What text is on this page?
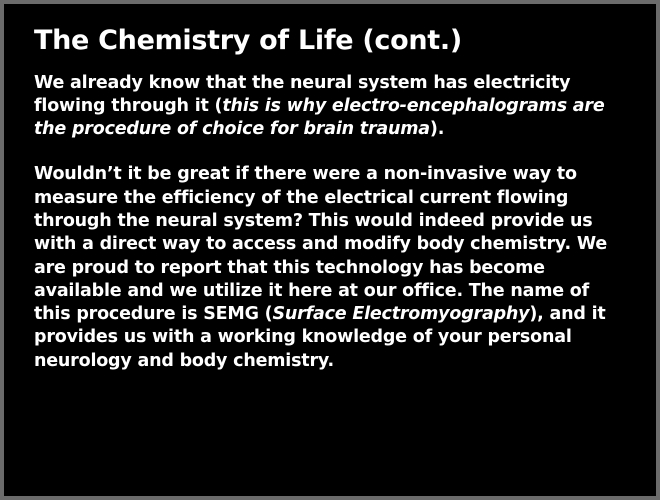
The Chemistry of Life (cont.)

We already know that the neural system has electricity flowing through it (this is why electro-encephalograms are the procedure of choice for brain trauma).

Wouldn’t it be great if there were a non-invasive way to measure the efficiency of the electrical current flowing through the neural system? This would indeed provide us with a direct way to access and modify body chemistry. We are proud to report that this technology has become available and we utilize it here at our office. The name of this procedure is SEMG (Surface Electromyography), and it provides us with a working knowledge of your personal neurology and body chemistry.
